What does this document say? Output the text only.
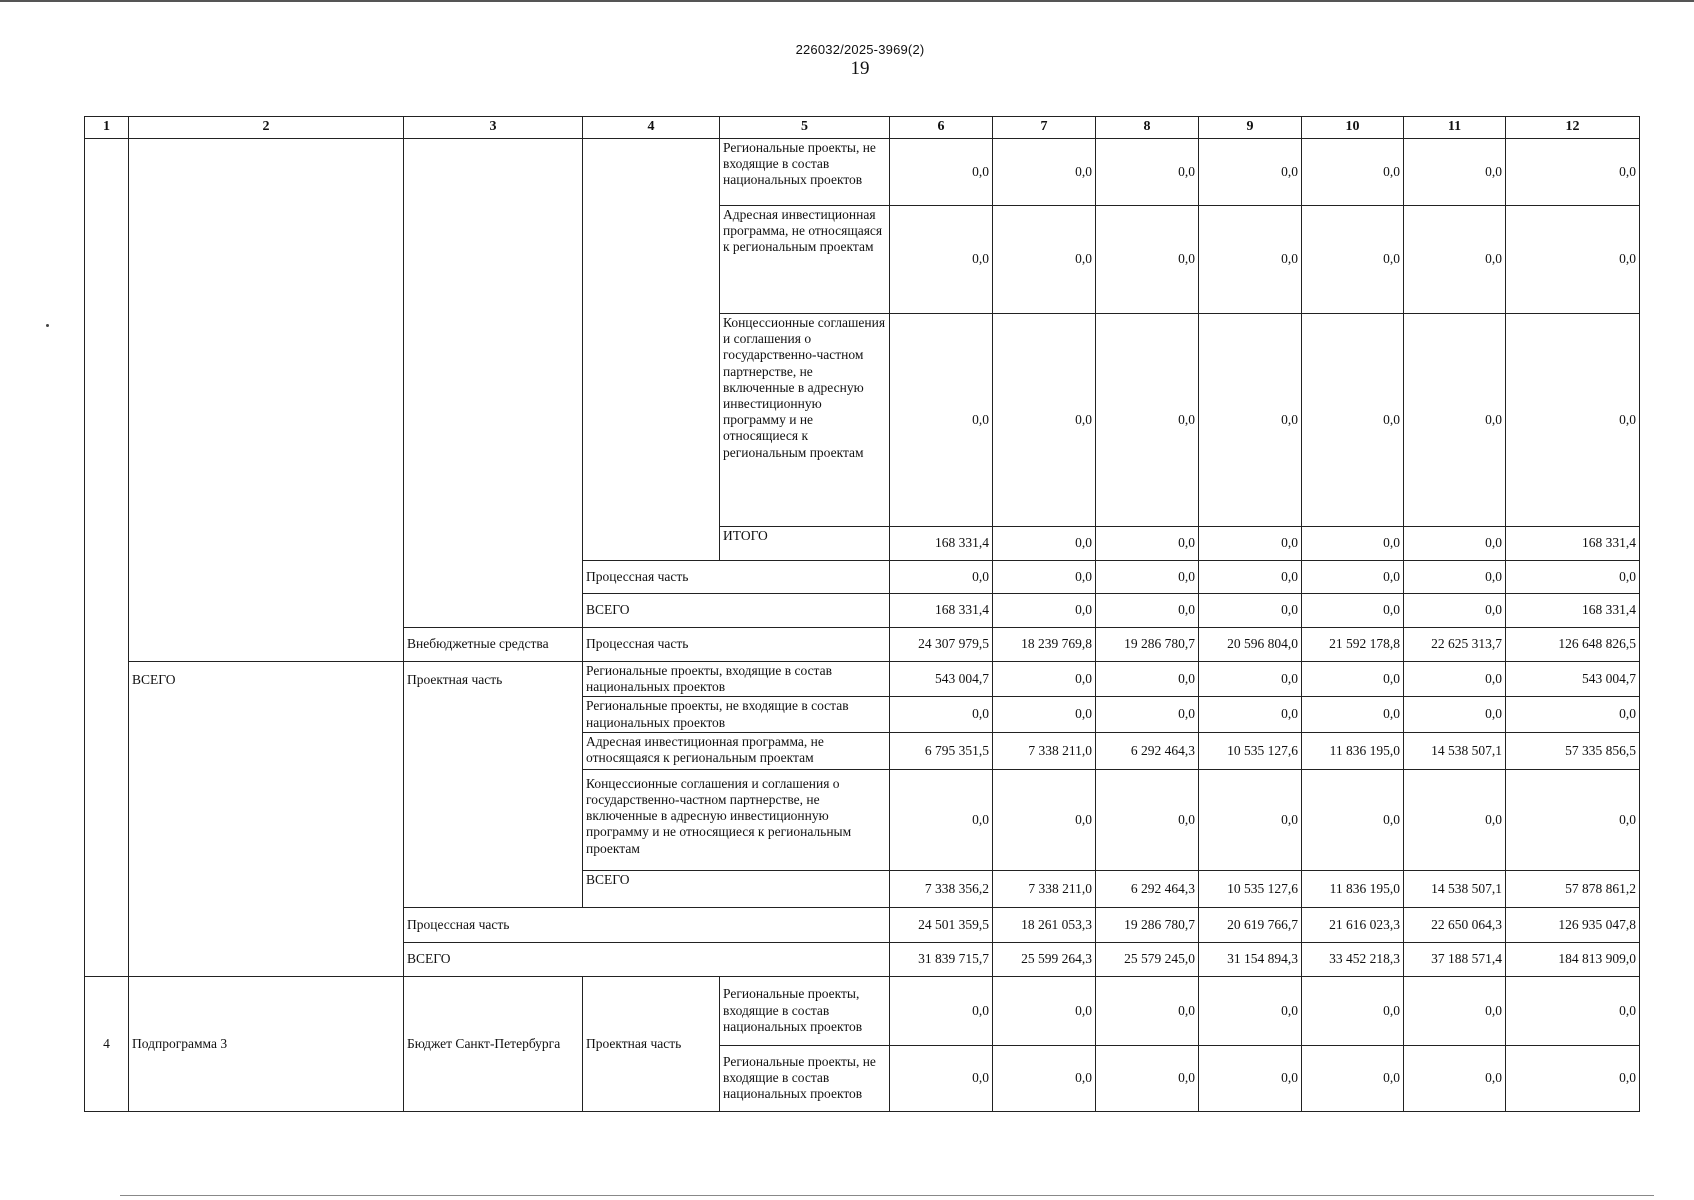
226032/2025-3969(2)
19
1	2	3	4	5	6	7	8	9	10	11	12
				Региональные проекты, не входящие в состав национальных проектов	0,0	0,0	0,0	0,0	0,0	0,0	0,0
				Адресная инвестиционная программа, не относящаяся к региональным проектам	0,0	0,0	0,0	0,0	0,0	0,0	0,0
				Концессионные соглашения и соглашения о государственно-частном партнерстве, не включенные в адресную инвестиционную программу и не относящиеся к региональным проектам	0,0	0,0	0,0	0,0	0,0	0,0	0,0
				ИТОГО	168 331,4	0,0	0,0	0,0	0,0	0,0	168 331,4
			Процессная часть		0,0	0,0	0,0	0,0	0,0	0,0	0,0
			ВСЕГО		168 331,4	0,0	0,0	0,0	0,0	0,0	168 331,4
		Внебюджетные средства	Процессная часть		24 307 979,5	18 239 769,8	19 286 780,7	20 596 804,0	21 592 178,8	22 625 313,7	126 648 826,5
	ВСЕГО	Проектная часть	Региональные проекты, входящие в состав национальных проектов		543 004,7	0,0	0,0	0,0	0,0	0,0	543 004,7
			Региональные проекты, не входящие в состав национальных проектов		0,0	0,0	0,0	0,0	0,0	0,0	0,0
			Адресная инвестиционная программа, не относящаяся к региональным проектам		6 795 351,5	7 338 211,0	6 292 464,3	10 535 127,6	11 836 195,0	14 538 507,1	57 335 856,5
			Концессионные соглашения и соглашения о государственно-частном партнерстве, не включенные в адресную инвестиционную программу и не относящиеся к региональным проектам		0,0	0,0	0,0	0,0	0,0	0,0	0,0
			ВСЕГО		7 338 356,2	7 338 211,0	6 292 464,3	10 535 127,6	11 836 195,0	14 538 507,1	57 878 861,2
		Процессная часть			24 501 359,5	18 261 053,3	19 286 780,7	20 619 766,7	21 616 023,3	22 650 064,3	126 935 047,8
		ВСЕГО			31 839 715,7	25 599 264,3	25 579 245,0	31 154 894,3	33 452 218,3	37 188 571,4	184 813 909,0
4	Подпрограмма 3	Бюджет Санкт-Петербурга	Проектная часть	Региональные проекты, входящие в состав национальных проектов	0,0	0,0	0,0	0,0	0,0	0,0	0,0
				Региональные проекты, не входящие в состав национальных проектов	0,0	0,0	0,0	0,0	0,0	0,0	0,0
